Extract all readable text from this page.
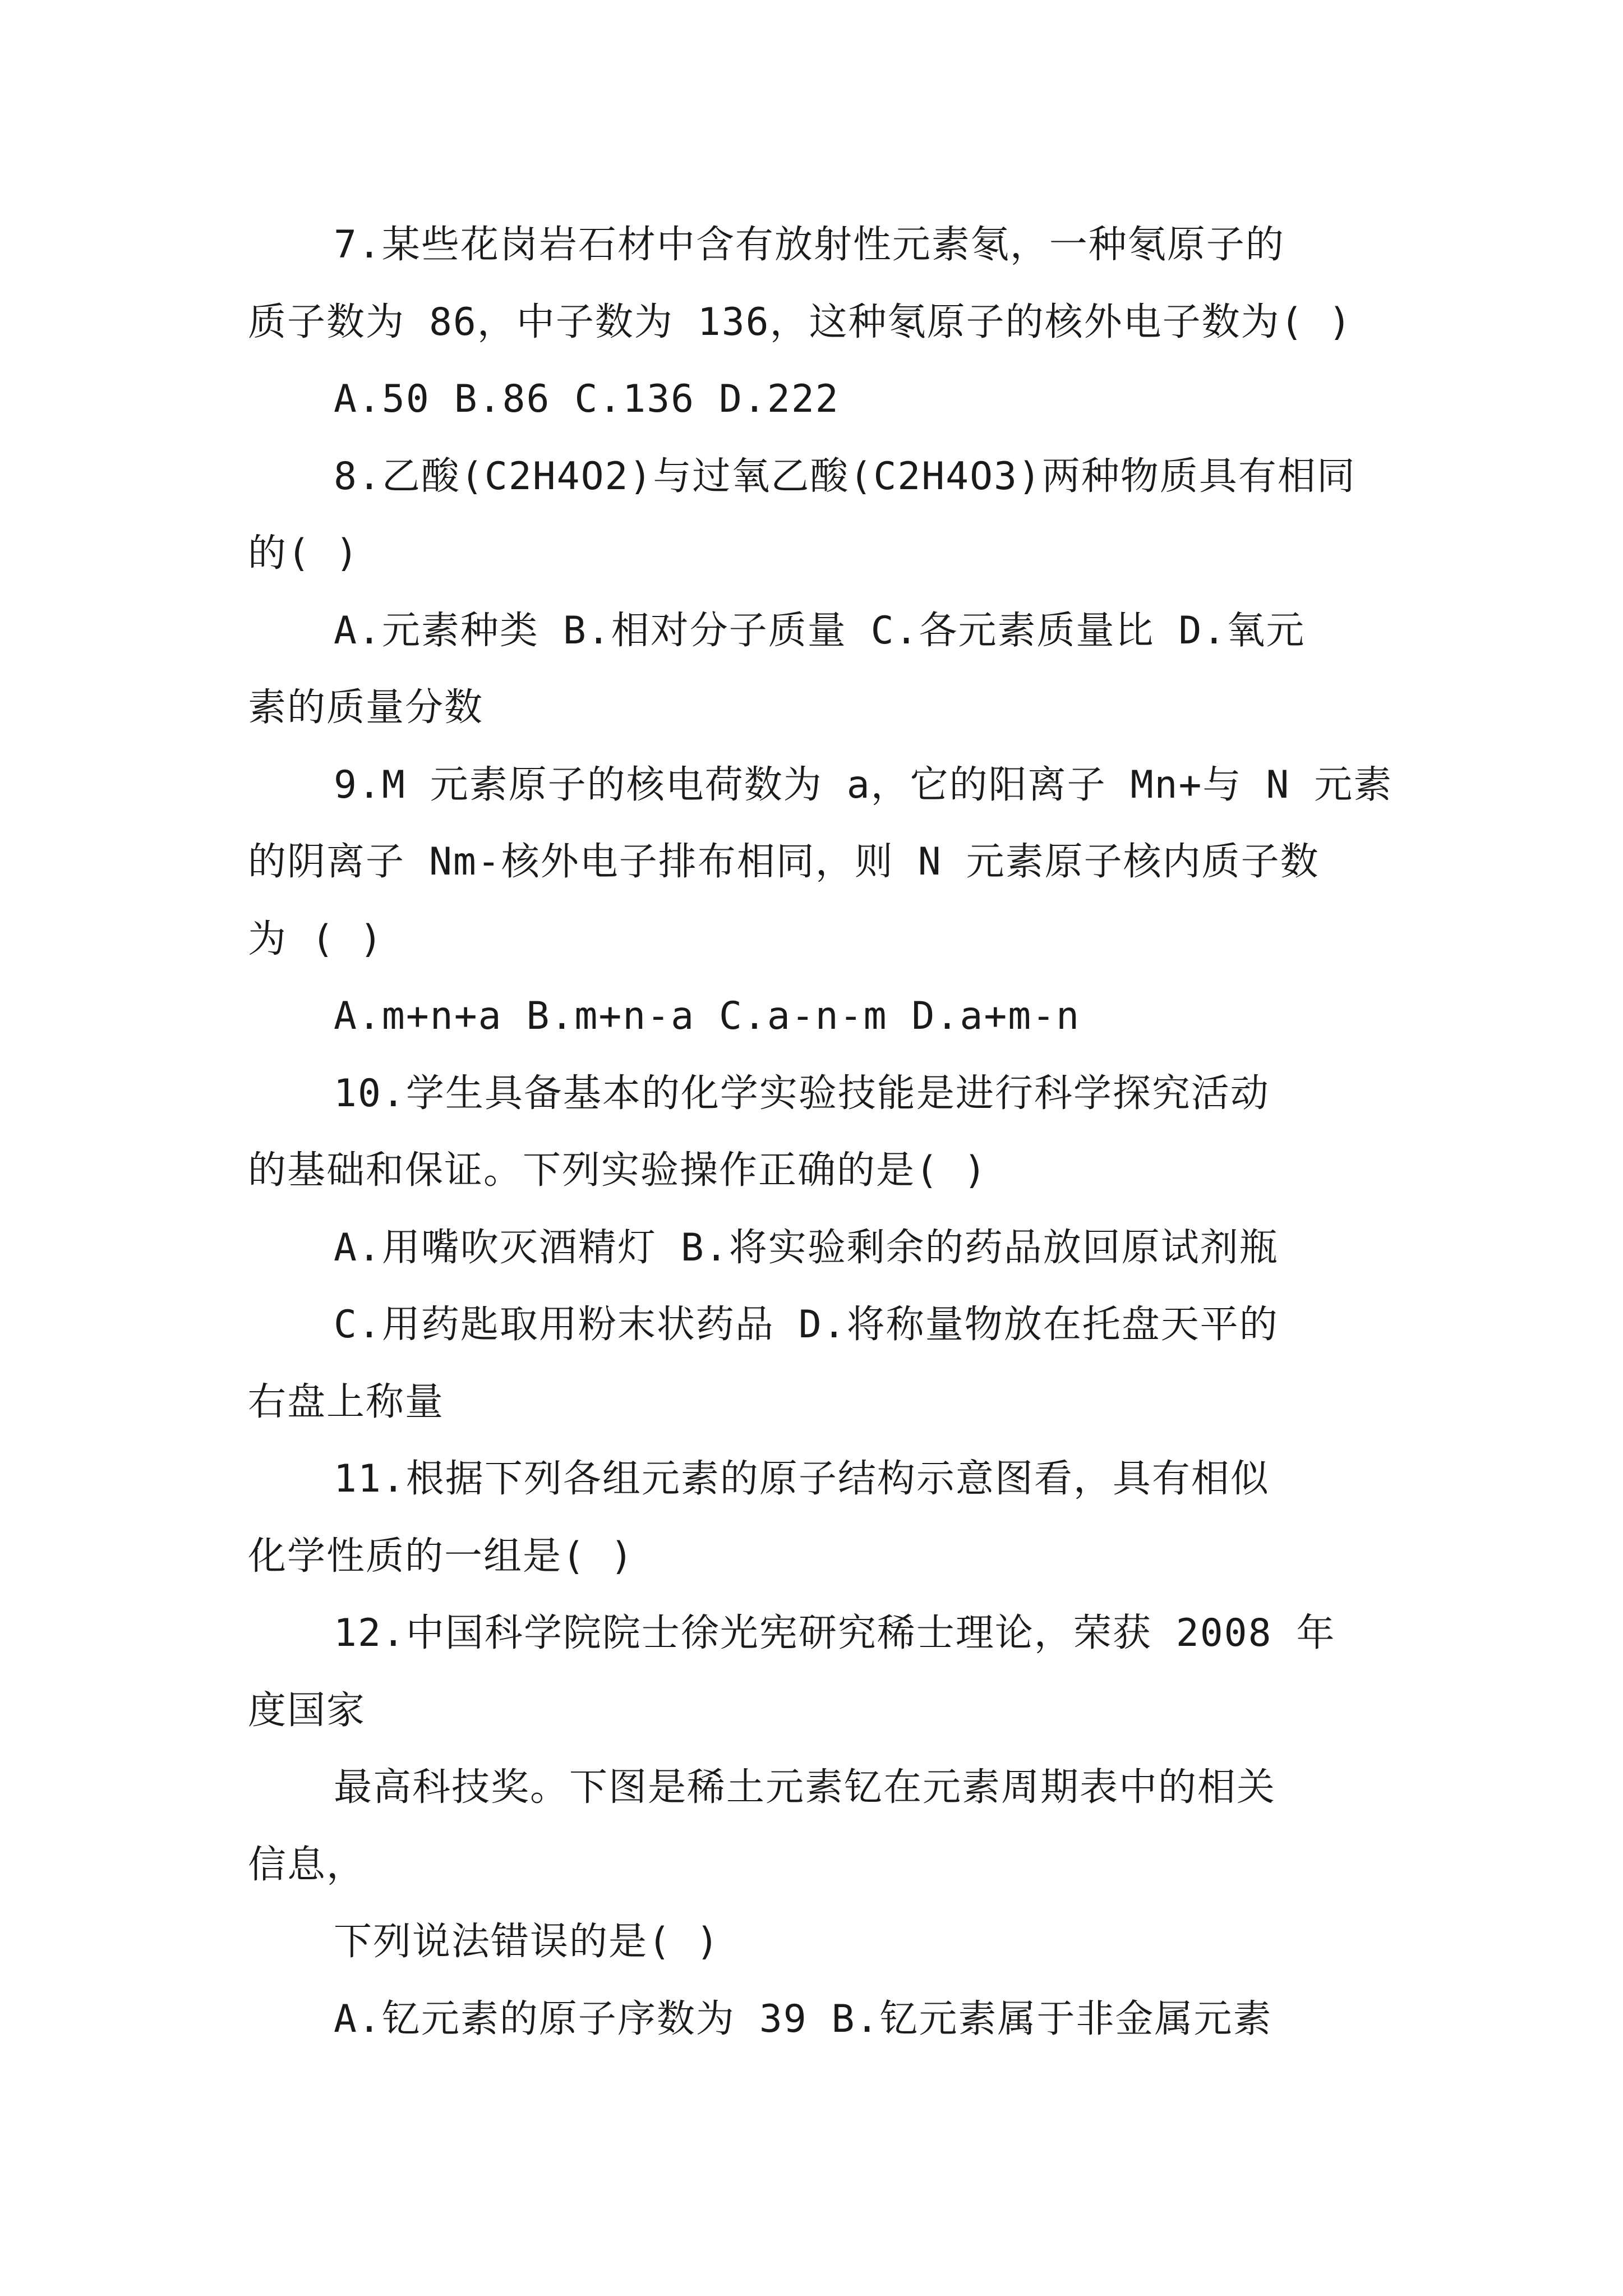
7.某些花岗岩石材中含有放射性元素氡，一种氡原子的
质子数为 86，中子数为 136，这种氡原子的核外电子数为( )
A.50 B.86 C.136 D.222
8.乙酸(C2H4O2)与过氧乙酸(C2H4O3)两种物质具有相同
的( )
A.元素种类 B.相对分子质量 C.各元素质量比 D.氧元
素的质量分数
9.M 元素原子的核电荷数为 a，它的阳离子 Mn+与 N 元素
的阴离子 Nm-核外电子排布相同，则 N 元素原子核内质子数
为 ( )
A.m+n+a B.m+n-a C.a-n-m D.a+m-n
10.学生具备基本的化学实验技能是进行科学探究活动
的基础和保证。下列实验操作正确的是( )
A.用嘴吹灭酒精灯 B.将实验剩余的药品放回原试剂瓶
C.用药匙取用粉末状药品 D.将称量物放在托盘天平的
右盘上称量
11.根据下列各组元素的原子结构示意图看，具有相似
化学性质的一组是( )
12.中国科学院院士徐光宪研究稀士理论，荣获 2008 年
度国家
最高科技奖。下图是稀土元素钇在元素周期表中的相关
信息，
下列说法错误的是( )
A.钇元素的原子序数为 39 B.钇元素属于非金属元素
